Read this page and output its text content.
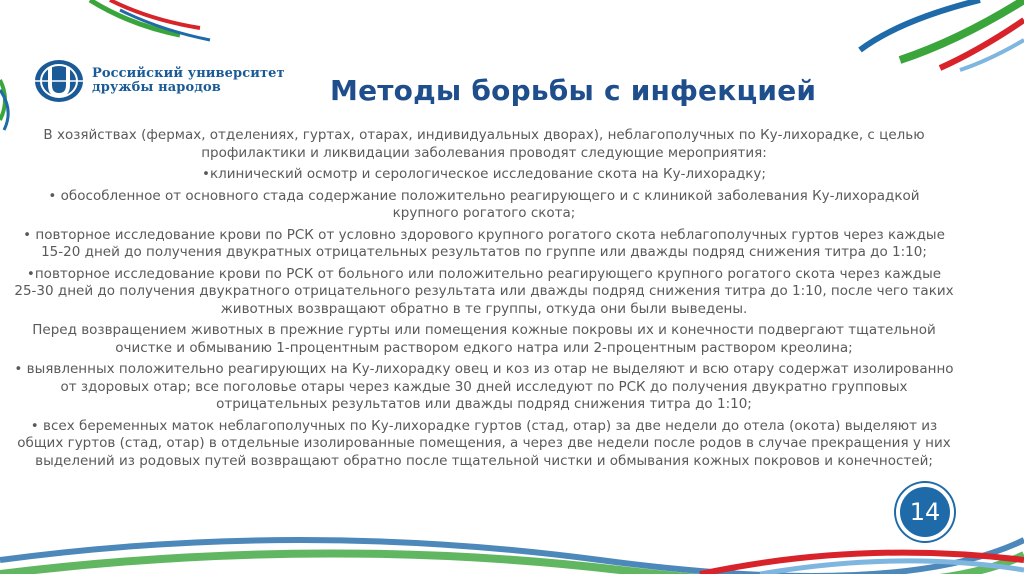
Российский университет
дружбы народов	Методы борьбы с инфекцией

В хозяйствах (фермах, отделениях, гуртах, отарах, индивидуальных дворах), неблагополучных по Ку-лихорадке, с целью профилактики и ликвидации заболевания проводят следующие мероприятия:

•клинический осмотр и серологическое исследование скота на Ку-лихорадку;

• обособленное от основного стада содержание положительно реагирующего и с клиникой заболевания Ку-лихорадкой крупного рогатого скота;

• повторное исследование крови по РСК от условно здорового крупного рогатого скота неблагополучных гуртов через каждые 15-20 дней до получения двукратных отрицательных результатов по группе или дважды подряд снижения титра до 1:10;

•повторное исследование крови по РСК от больного или положительно реагирующего крупного рогатого скота через каждые 25-30 дней до получения двукратного отрицательного результата или дважды подряд снижения титра до 1:10, после чего таких животных возвращают обратно в те группы, откуда они были выведены.

Перед возвращением животных в прежние гурты или помещения кожные покровы их и конечности подвергают тщательной очистке и обмыванию 1-процентным раствором едкого натра или 2-процентным раствором креолина;

• выявленных положительно реагирующих на Ку-лихорадку овец и коз из отар не выделяют и всю отару содержат изолированно от здоровых отар; все поголовье отары через каждые 30 дней исследуют по РСК до получения двукратно групповых отрицательных результатов или дважды подряд снижения титра до 1:10;

• всех беременных маток неблагополучных по Ку-лихорадке гуртов (стад, отар) за две недели до отела (окота) выделяют из общих гуртов (стад, отар) в отдельные изолированные помещения, а через две недели после родов в случае прекращения у них выделений из родовых путей возвращают обратно после тщательной чистки и обмывания кожных покровов и конечностей;

14
